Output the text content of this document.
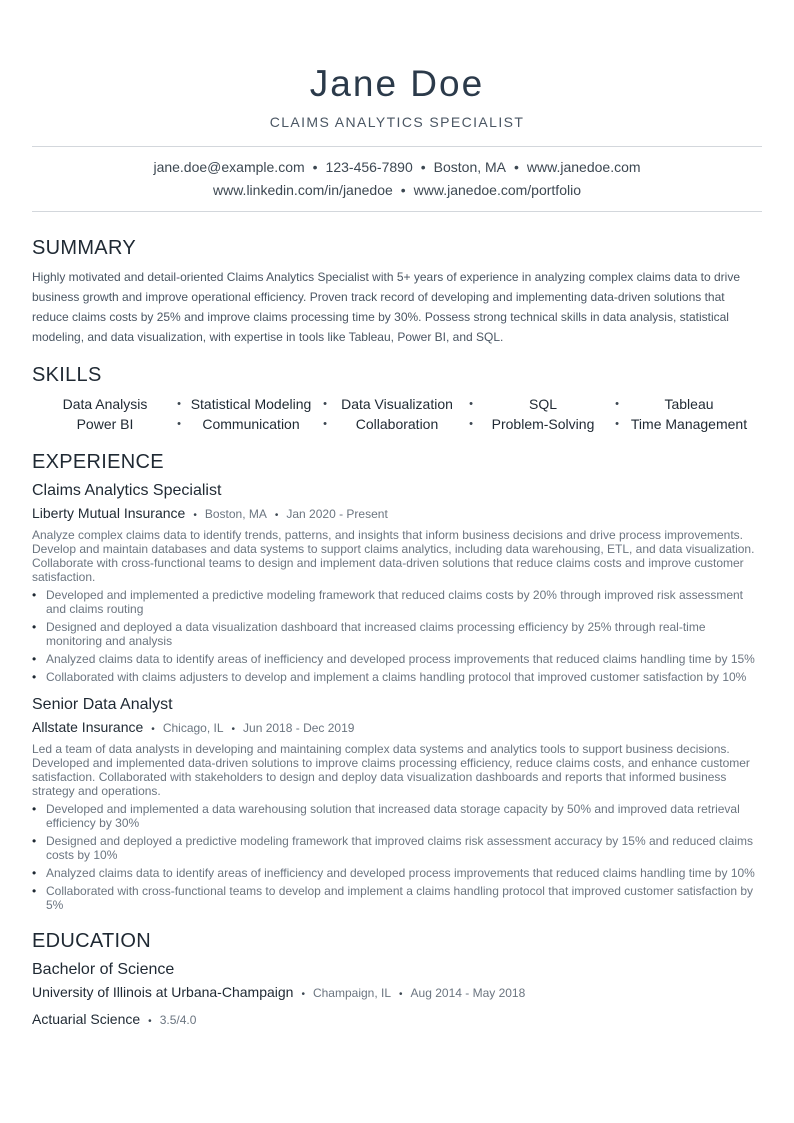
Jane Doe
CLAIMS ANALYTICS SPECIALIST
jane.doe@example.com • 123-456-7890 • Boston, MA • www.janedoe.com
www.linkedin.com/in/janedoe • www.janedoe.com/portfolio
SUMMARY
Highly motivated and detail-oriented Claims Analytics Specialist with 5+ years of experience in analyzing complex claims data to drive business growth and improve operational efficiency. Proven track record of developing and implementing data-driven solutions that reduce claims costs by 25% and improve claims processing time by 30%. Possess strong technical skills in data analysis, statistical modeling, and data visualization, with expertise in tools like Tableau, Power BI, and SQL.
SKILLS
Data Analysis •	Statistical Modeling •	Data Visualization •	SQL •	Tableau
Power BI •	Communication •	Collaboration •	Problem-Solving •	Time Management
EXPERIENCE
Claims Analytics Specialist
Liberty Mutual Insurance • Boston, MA • Jan 2020 - Present
Analyze complex claims data to identify trends, patterns, and insights that inform business decisions and drive process improvements. Develop and maintain databases and data systems to support claims analytics, including data warehousing, ETL, and data visualization. Collaborate with cross-functional teams to design and implement data-driven solutions that reduce claims costs and improve customer satisfaction.
• Developed and implemented a predictive modeling framework that reduced claims costs by 20% through improved risk assessment and claims routing
• Designed and deployed a data visualization dashboard that increased claims processing efficiency by 25% through real-time monitoring and analysis
• Analyzed claims data to identify areas of inefficiency and developed process improvements that reduced claims handling time by 15%
• Collaborated with claims adjusters to develop and implement a claims handling protocol that improved customer satisfaction by 10%
Senior Data Analyst
Allstate Insurance • Chicago, IL • Jun 2018 - Dec 2019
Led a team of data analysts in developing and maintaining complex data systems and analytics tools to support business decisions. Developed and implemented data-driven solutions to improve claims processing efficiency, reduce claims costs, and enhance customer satisfaction. Collaborated with stakeholders to design and deploy data visualization dashboards and reports that informed business strategy and operations.
• Developed and implemented a data warehousing solution that increased data storage capacity by 50% and improved data retrieval efficiency by 30%
• Designed and deployed a predictive modeling framework that improved claims risk assessment accuracy by 15% and reduced claims costs by 10%
• Analyzed claims data to identify areas of inefficiency and developed process improvements that reduced claims handling time by 10%
• Collaborated with cross-functional teams to develop and implement a claims handling protocol that improved customer satisfaction by 5%
EDUCATION
Bachelor of Science
University of Illinois at Urbana-Champaign • Champaign, IL • Aug 2014 - May 2018
Actuarial Science • 3.5/4.0
